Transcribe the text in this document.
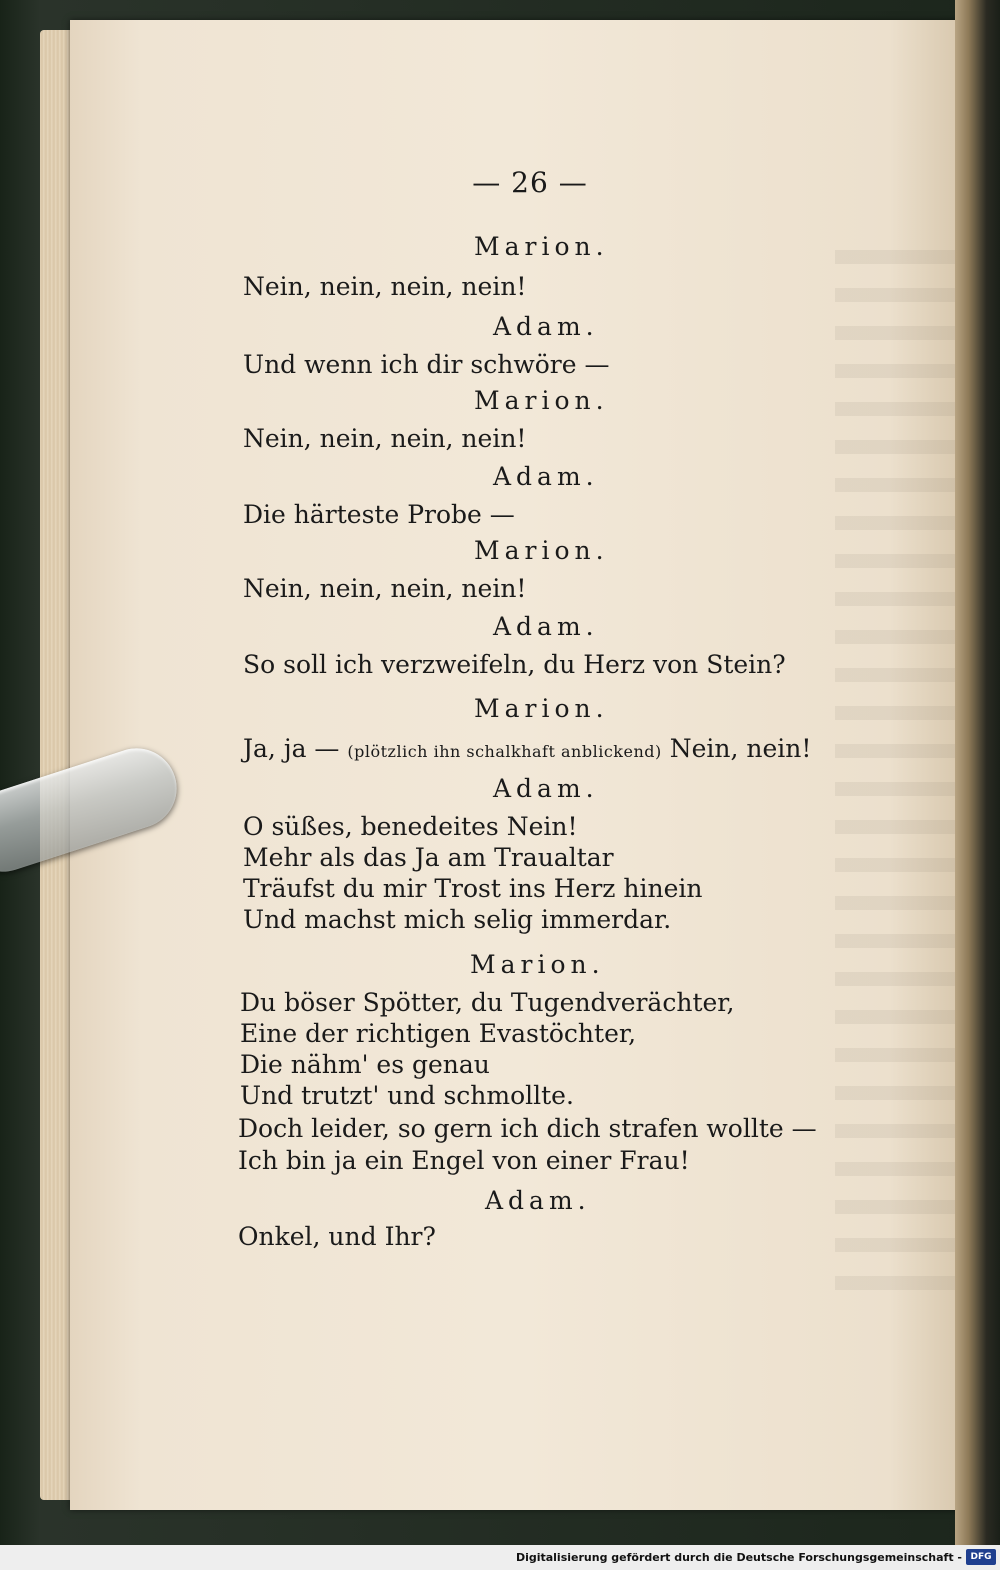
— 26 —
Marion.
Nein, nein, nein, nein!
Adam.
Und wenn ich dir schwöre —
Marion.
Nein, nein, nein, nein!
Adam.
Die härteste Probe —
Marion.
Nein, nein, nein, nein!
Adam.
So soll ich verzweifeln, du Herz von Stein?
Marion.
Ja, ja — (plötzlich ihn schalkhaft anblickend) Nein, nein!
Adam.
O süßes, benedeites Nein!
Mehr als das Ja am Traualtar
Träufst du mir Trost ins Herz hinein
Und machst mich selig immerdar.
Marion.
Du böser Spötter, du Tugendverächter,
Eine der richtigen Evastöchter,
Die nähm' es genau
Und trutzt' und schmollte.
Doch leider, so gern ich dich strafen wollte —
Ich bin ja ein Engel von einer Frau!
Adam.
Onkel, und Ihr?
Digitalisierung gefördert durch die Deutsche Forschungsgemeinschaft - DFG
